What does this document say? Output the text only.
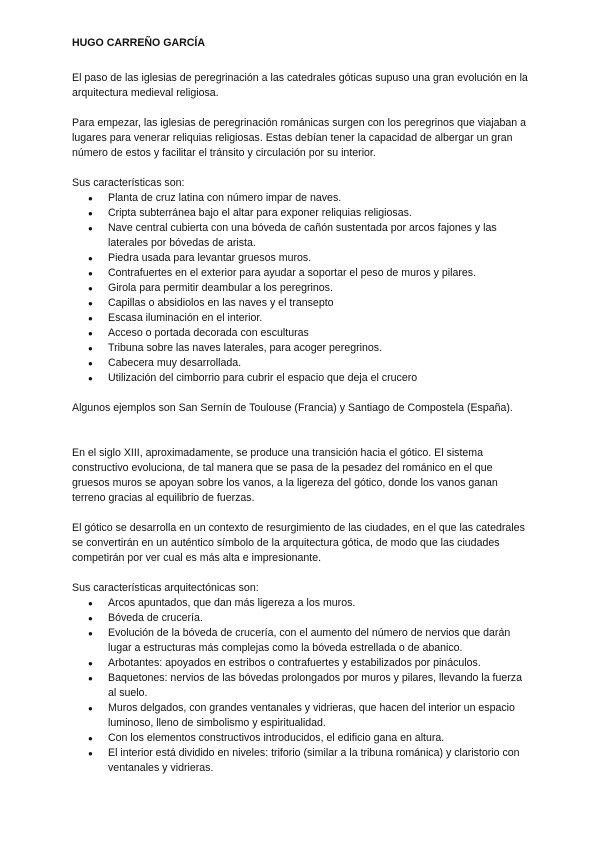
HUGO CARREÑO GARCÍA

El paso de las iglesias de peregrinación a las catedrales góticas supuso una gran evolución en la arquitectura medieval religiosa.

Para empezar, las iglesias de peregrinación románicas surgen con los peregrinos que viajaban a lugares para venerar reliquias religiosas. Estas debían tener la capacidad de albergar un gran número de estos y facilitar el tránsito y circulación por su interior.

Sus características son:
● Planta de cruz latina con número impar de naves.
● Cripta subterránea bajo el altar para exponer reliquias religiosas.
● Nave central cubierta con una bóveda de cañón sustentada por arcos fajones y las laterales por bóvedas de arista.
● Piedra usada para levantar gruesos muros.
● Contrafuertes en el exterior para ayudar a soportar el peso de muros y pilares.
● Girola para permitir deambular a los peregrinos.
● Capillas o absidiolos en las naves y el transepto
● Escasa iluminación en el interior.
● Acceso o portada decorada con esculturas
● Tribuna sobre las naves laterales, para acoger peregrinos.
● Cabecera muy desarrollada.
● Utilización del cimborrio para cubrir el espacio que deja el crucero

Algunos ejemplos son San Sernín de Toulouse (Francia) y Santiago de Compostela (España).

En el siglo XIII, aproximadamente, se produce una transición hacia el gótico. El sistema constructivo evoluciona, de tal manera que se pasa de la pesadez del románico en el que gruesos muros se apoyan sobre los vanos, a la ligereza del gótico, donde los vanos ganan terreno gracias al equilibrio de fuerzas.

El gótico se desarrolla en un contexto de resurgimiento de las ciudades, en el que las catedrales se convertirán en un auténtico símbolo de la arquitectura gótica, de modo que las ciudades competirán por ver cual es más alta e impresionante.

Sus características arquitectónicas son:
● Arcos apuntados, que dan más ligereza a los muros.
● Bóveda de crucería.
● Evolución de la bóveda de crucería, con el aumento del número de nervios que darán lugar a estructuras más complejas como la bóveda estrellada o de abanico.
● Arbotantes: apoyados en estribos o contrafuertes y estabilizados por pináculos.
● Baquetones: nervios de las bóvedas prolongados por muros y pilares, llevando la fuerza al suelo.
● Muros delgados, con grandes ventanales y vidrieras, que hacen del interior un espacio luminoso, lleno de simbolismo y espiritualidad.
● Con los elementos constructivos introducidos, el edificio gana en altura.
● El interior está dividido en niveles: triforio (similar a la tribuna románica) y claristorio con ventanales y vidrieras.
